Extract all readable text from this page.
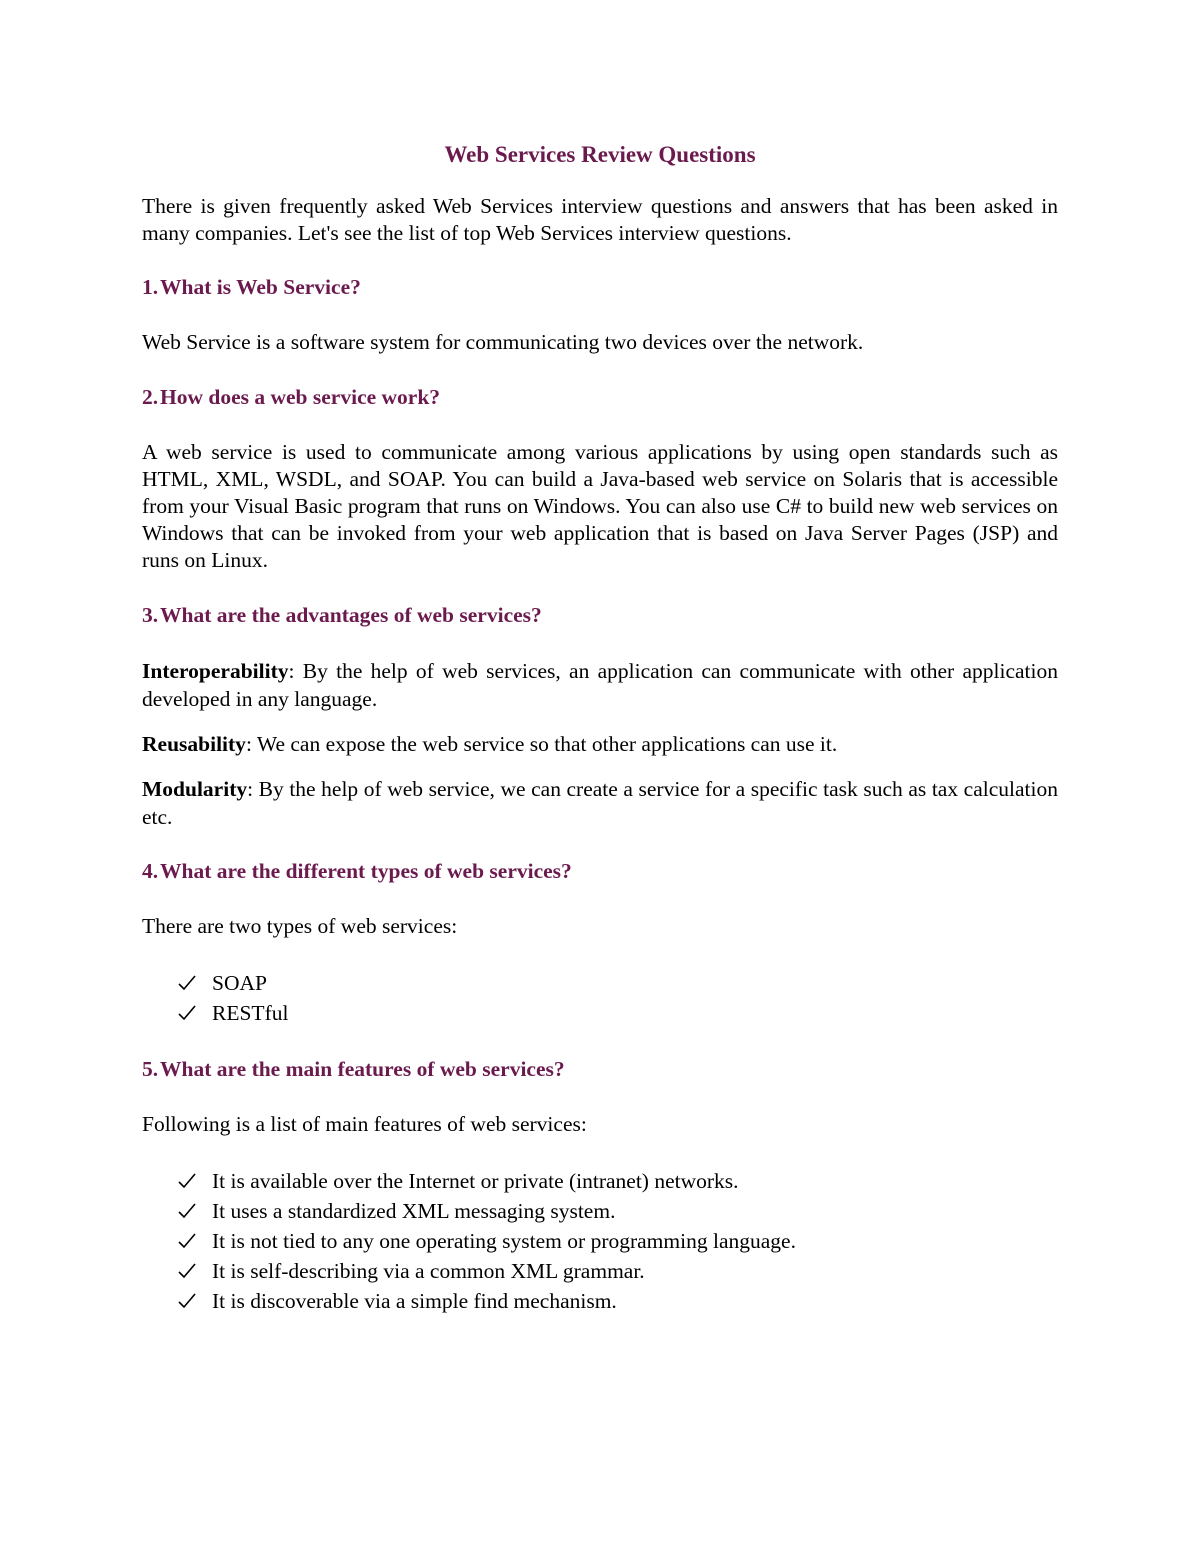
Web Services Review Questions

There is given frequently asked Web Services interview questions and answers that has been asked in many companies. Let's see the list of top Web Services interview questions.

1.What is Web Service?

Web Service is a software system for communicating two devices over the network.

2.How does a web service work?

A web service is used to communicate among various applications by using open standards such as HTML, XML, WSDL, and SOAP. You can build a Java-based web service on Solaris that is accessible from your Visual Basic program that runs on Windows. You can also use C# to build new web services on Windows that can be invoked from your web application that is based on Java Server Pages (JSP) and runs on Linux.

3.What are the advantages of web services?

Interoperability: By the help of web services, an application can communicate with other application developed in any language.

Reusability: We can expose the web service so that other applications can use it.

Modularity: By the help of web service, we can create a service for a specific task such as tax calculation etc.

4.What are the different types of web services?

There are two types of web services:

SOAP
RESTful
5.What are the main features of web services?

Following is a list of main features of web services:

It is available over the Internet or private (intranet) networks.
It uses a standardized XML messaging system.
It is not tied to any one operating system or programming language.
It is self-describing via a common XML grammar.
It is discoverable via a simple find mechanism.
